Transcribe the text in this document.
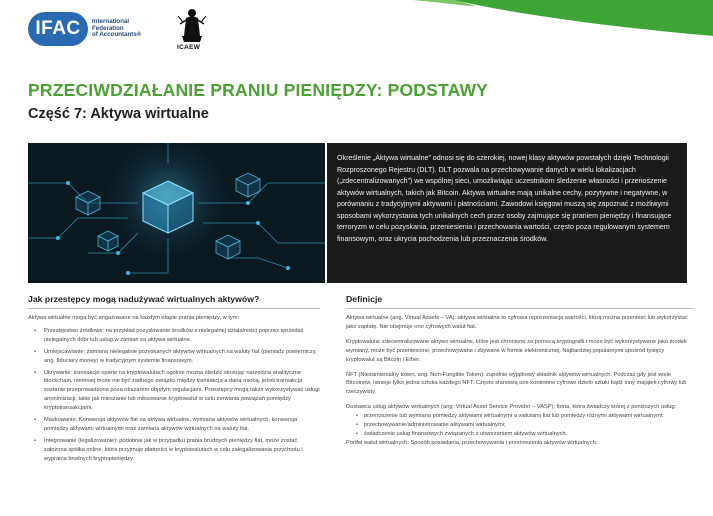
IFAC	International
Federation
of Accountants®
ICAEW
PRZECIWDZIAŁANIE PRANIU PIENIĘDZY: PODSTAWY
Część 7: Aktywa wirtualne

Określenie „Aktywa wirtualne” odnosi się do szerokiej, nowej klasy aktywów powstałych dzięki Technologii Rozproszonego Rejestru (DLT). DLT pozwala na przechowywanie danych w wielu lokalizacjach („zdecentralizowanych”) we wspólnej sieci, umożliwiając uczestnikom śledzenie własności i przenoszenie aktywów wirtualnych, takich jak Bitcoin. Aktywa wirtualne mają unikalne cechy, pozytywne i negatywne, w porównaniu z tradycyjnymi aktywami i płatnościami. Zawodowi księgowi muszą się zapoznać z możliwymi sposobami wykorzystania tych unikalnych cech przez osoby zajmujące się praniem pieniędzy i finansujące terroryzm w celu pozyskania, przeniesienia i przechowania wartości, często poza regulowanym systemem finansowym, oraz ukrycia pochodzenia lub przeznaczenia środków.

Jak przestępcy mogą nadużywać wirtualnych aktywów?

Aktywa wirtualne mogą być angażowane na każdym etapie prania pieniędzy, w tym:

• Przestępstwo źródłowe: na przykład pozyskiwanie środków z nielegalnej działalności poprzez sprzedaż nielegalnych dóbr lub usług w zamian za aktywa wirtualne.
• Umiejscawianie: zamiana nielegalnie pozyskanych aktywów wirtualnych na waluty fiat (pieniądz powierniczy, ang. fiduciary money) w tradycyjnym systemie finansowym.
• Ukrywanie: transakcje oparte na kryptowalutach ogólnie można śledzić stosując narzędzia analityczne blockchain, niemniej może nie być żadnego związku między transakcją a daną osobą, jeżeli transakcja zostanie przeprowadzona poza obszarem objętym regulacjami. Przestępcy mogą także wykorzystywać usługi anonimizacji, takie jak mieszanie lub miksowanie kryptowalut w celu zerwania powiązań pomiędzy kryptotransakcjami.
• Maskowanie: Konwersja aktywów fiat na aktywa wirtualne, wymiana aktywów wirtualnych, konwersja pomiędzy aktywami wirtualnymi oraz zamiana aktywów wirtualnych na waluty fiat.
• Integrowanie (legalizowanie): podobnie jak w przypadku prania brudnych pieniędzy fiat, może zostać założona spółka online, która przyjmuje płatności w kryptowalutach w celu zalegalizowania przychodu i wyprania brudnych kryptopieniędzy.
Definicje

Aktywa wirtualne (ang. Virtual Assets – VA): aktywa wirtualne to cyfrowa reprezentacja wartości, którą można przenieść lub wykorzystać jako zapłatę. Nie obejmuje ono cyfrowych walut fiat.

Kryptowaluta: zdecentralizowane aktywo wirtualne, które jest chronione za pomocą kryptografii i może być wykorzystywane jako środek wymiany, może być przeniesione, przechowywane i zbywane w formie elektronicznej. Najbardziej popularnymi sposród tysięcy kryptowalut są Bitcoin i Ether.

NFT (Niezamienialny token, ang. Non-Fungible Token): zupełnie wyjątkowy składnik aktywów wirtualnych. Podczas gdy jest wiele Bitcoinów, istnieje tylko jedna sztuka każdego NFT. Często stanowią one konkretne cyfrowe dzieło sztuki bądź inny majątek cyfrowy lub rzeczywisty.

Dostawca usług aktywów wirtualnych (ang. Virtual Asset Service Provider – VASP): firma, która świadczy której z poniższych usług:

• przenoszenie lub wymiana pomiędzy aktywami wirtualnymi a walutami fiat lub pomiędzy różnymi aktywami wirtualnymi;
• przechowywanie/administrowanie aktywami wirtualnymi;
• świadczenie usług finansowych związanych z utworzeniem aktywów wirtualnych.

Portfel walut wirtualnych: Sposób posiadania, przechowywania i przenoszenia aktywów wirtualnych.
